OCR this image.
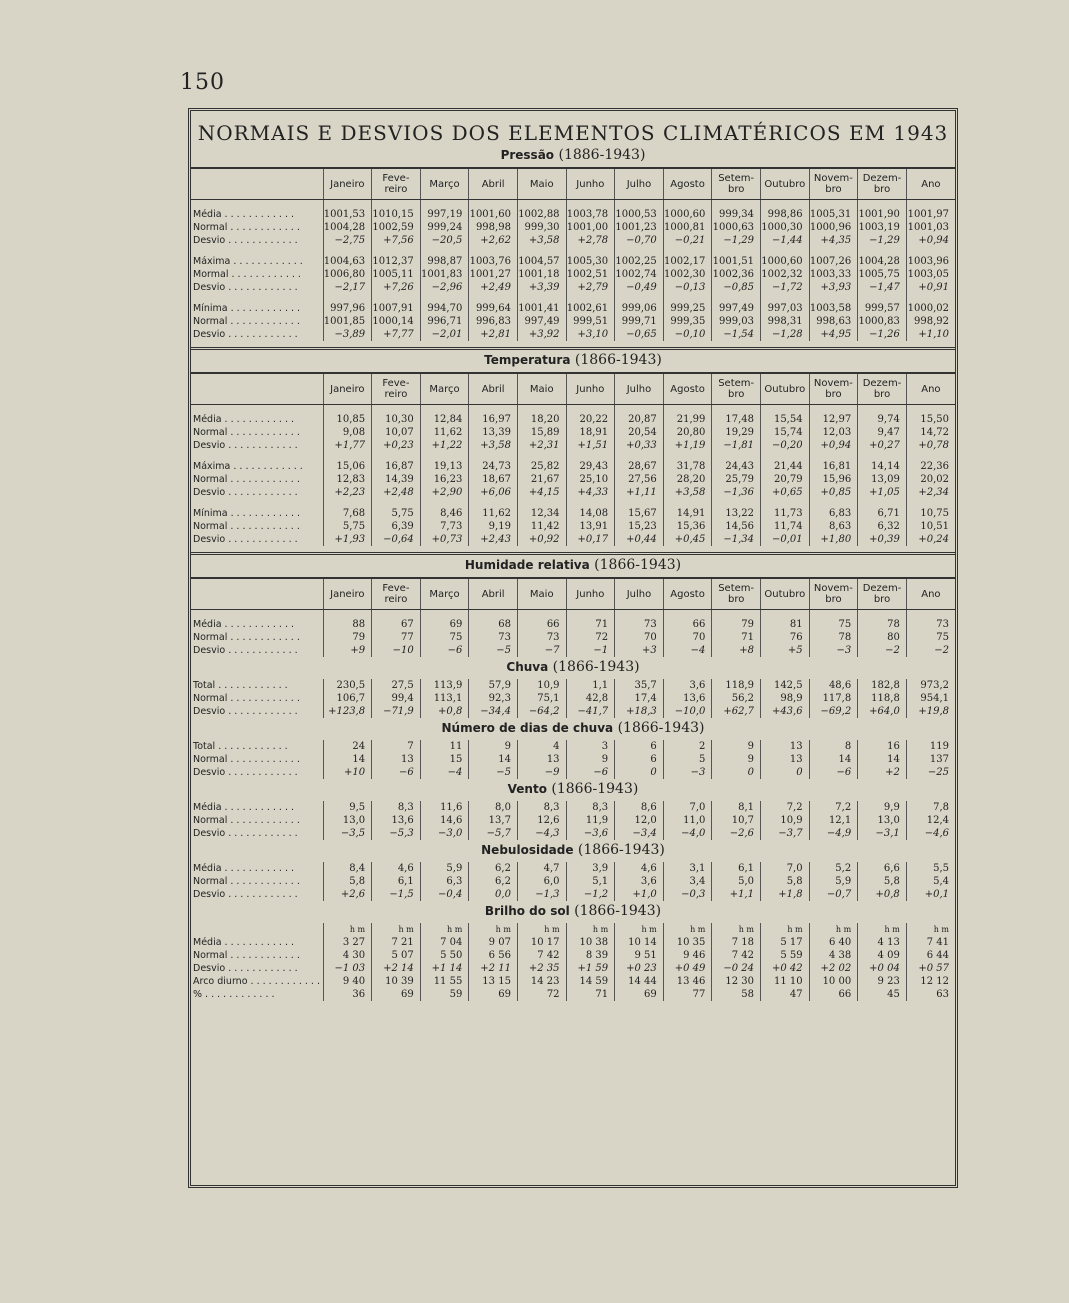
150
NORMAIS E DESVIOS DOS ELEMENTOS CLIMATÉRICOS EM 1943
Pressão (1886-1943)
	Janeiro	Feve-
reiro	Março	Abril	Maio	Junho	Julho	Agosto	Setem-
bro	Outubro	Novem-
bro	Dezem-
bro	Ano

Média . . . . . . . . . . . .	1001,53	1010,15	997,19	1001,60	1002,88	1003,78	1000,53	1000,60	999,34	998,86	1005,31	1001,90	1001,97
Normal . . . . . . . . . . . .	1004,28	1002,59	999,24	998,98	999,30	1001,00	1001,23	1000,81	1000,63	1000,30	1000,96	1003,19	1001,03
Desvio . . . . . . . . . . . .	−2,75	+7,56	−20,5	+2,62	+3,58	+2,78	−0,70	−0,21	−1,29	−1,44	+4,35	−1,29	+0,94

Máxima . . . . . . . . . . . .	1004,63	1012,37	998,87	1003,76	1004,57	1005,30	1002,25	1002,17	1001,51	1000,60	1007,26	1004,28	1003,96
Mormal . . . . . . . . . . . .	1006,80	1005,11	1001,83	1001,27	1001,18	1002,51	1002,74	1002,30	1002,36	1002,32	1003,33	1005,75	1003,05
Desvio . . . . . . . . . . . .	−2,17	+7,26	−2,96	+2,49	+3,39	+2,79	−0,49	−0,13	−0,85	−1,72	+3,93	−1,47	+0,91

Mínima . . . . . . . . . . . .	997,96	1007,91	994,70	999,64	1001,41	1002,61	999,06	999,25	997,49	997,03	1003,58	999,57	1000,02
Normal . . . . . . . . . . . .	1001,85	1000,14	996,71	996,83	997,49	999,51	999,71	999,35	999,03	998,31	998,63	1000,83	998,92
Desvio . . . . . . . . . . . .	−3,89	+7,77	−2,01	+2,81	+3,92	+3,10	−0,65	−0,10	−1,54	−1,28	+4,95	−1,26	+1,10
Temperatura (1866-1943)
	Janeiro	Feve-
reiro	Março	Abril	Maio	Junho	Julho	Agosto	Setem-
bro	Outubro	Novem-
bro	Dezem-
bro	Ano

Média . . . . . . . . . . . .	10,85	10,30	12,84	16,97	18,20	20,22	20,87	21,99	17,48	15,54	12,97	9,74	15,50
Normal . . . . . . . . . . . .	9,08	10,07	11,62	13,39	15,89	18,91	20,54	20,80	19,29	15,74	12,03	9,47	14,72
Desvio . . . . . . . . . . . .	+1,77	+0,23	+1,22	+3,58	+2,31	+1,51	+0,33	+1,19	−1,81	−0,20	+0,94	+0,27	+0,78

Máxima . . . . . . . . . . . .	15,06	16,87	19,13	24,73	25,82	29,43	28,67	31,78	24,43	21,44	16,81	14,14	22,36
Normal . . . . . . . . . . . .	12,83	14,39	16,23	18,67	21,67	25,10	27,56	28,20	25,79	20,79	15,96	13,09	20,02
Desvio . . . . . . . . . . . .	+2,23	+2,48	+2,90	+6,06	+4,15	+4,33	+1,11	+3,58	−1,36	+0,65	+0,85	+1,05	+2,34

Mínima . . . . . . . . . . . .	7,68	5,75	8,46	11,62	12,34	14,08	15,67	14,91	13,22	11,73	6,83	6,71	10,75
Normal . . . . . . . . . . . .	5,75	6,39	7,73	9,19	11,42	13,91	15,23	15,36	14,56	11,74	8,63	6,32	10,51
Desvio . . . . . . . . . . . .	+1,93	−0,64	+0,73	+2,43	+0,92	+0,17	+0,44	+0,45	−1,34	−0,01	+1,80	+0,39	+0,24
Humidade relativa (1866-1943)
	Janeiro	Feve-
reiro	Março	Abril	Maio	Junho	Julho	Agosto	Setem-
bro	Outubro	Novem-
bro	Dezem-
bro	Ano

Média . . . . . . . . . . . .	88	67	69	68	66	71	73	66	79	81	75	78	73
Normal . . . . . . . . . . . .	79	77	75	73	73	72	70	70	71	76	78	80	75
Desvio . . . . . . . . . . . .	+9	−10	−6	−5	−7	−1	+3	−4	+8	+5	−3	−2	−2
Chuva (1866-1943)
Total . . . . . . . . . . . .	230,5	27,5	113,9	57,9	10,9	1,1	35,7	3,6	118,9	142,5	48,6	182,8	973,2
Normal . . . . . . . . . . . .	106,7	99,4	113,1	92,3	75,1	42,8	17,4	13,6	56,2	98,9	117,8	118,8	954,1
Desvio . . . . . . . . . . . .	+123,8	−71,9	+0,8	−34,4	−64,2	−41,7	+18,3	−10,0	+62,7	+43,6	−69,2	+64,0	+19,8
Número de dias de chuva (1866-1943)
Total . . . . . . . . . . . .	24	7	11	9	4	3	6	2	9	13	8	16	119
Normal . . . . . . . . . . . .	14	13	15	14	13	9	6	5	9	13	14	14	137
Desvio . . . . . . . . . . . .	+10	−6	−4	−5	−9	−6	0	−3	0	0	−6	+2	−25
Vento (1866-1943)
Média . . . . . . . . . . . .	9,5	8,3	11,6	8,0	8,3	8,3	8,6	7,0	8,1	7,2	7,2	9,9	7,8
Normal . . . . . . . . . . . .	13,0	13,6	14,6	13,7	12,6	11,9	12,0	11,0	10,7	10,9	12,1	13,0	12,4
Desvio . . . . . . . . . . . .	−3,5	−5,3	−3,0	−5,7	−4,3	−3,6	−3,4	−4,0	−2,6	−3,7	−4,9	−3,1	−4,6
Nebulosidade (1866-1943)
Média . . . . . . . . . . . .	8,4	4,6	5,9	6,2	4,7	3,9	4,6	3,1	6,1	7,0	5,2	6,6	5,5
Normal . . . . . . . . . . . .	5,8	6,1	6,3	6,2	6,0	5,1	3,6	3,4	5,0	5,8	5,9	5,8	5,4
Desvio . . . . . . . . . . . .	+2,6	−1,5	−0,4	0,0	−1,3	−1,2	+1,0	−0,3	+1,1	+1,8	−0,7	+0,8	+0,1
Brilho do sol (1866-1943)
	h m	h m	h m	h m	h m	h m	h m	h m	h m	h m	h m	h m	h m
Média . . . . . . . . . . . .	3 27	7 21	7 04	9 07	10 17	10 38	10 14	10 35	7 18	5 17	6 40	4 13	7 41
Normal . . . . . . . . . . . .	4 30	5 07	5 50	6 56	7 42	8 39	9 51	9 46	7 42	5 59	4 38	4 09	6 44
Desvio . . . . . . . . . . . .	−1 03	+2 14	+1 14	+2 11	+2 35	+1 59	+0 23	+0 49	−0 24	+0 42	+2 02	+0 04	+0 57
Arco diurno . . . . . . . . . . . .	9 40	10 39	11 55	13 15	14 23	14 59	14 44	13 46	12 30	11 10	10 00	9 23	12 12
% . . . . . . . . . . . .	36	69	59	69	72	71	69	77	58	47	66	45	63
